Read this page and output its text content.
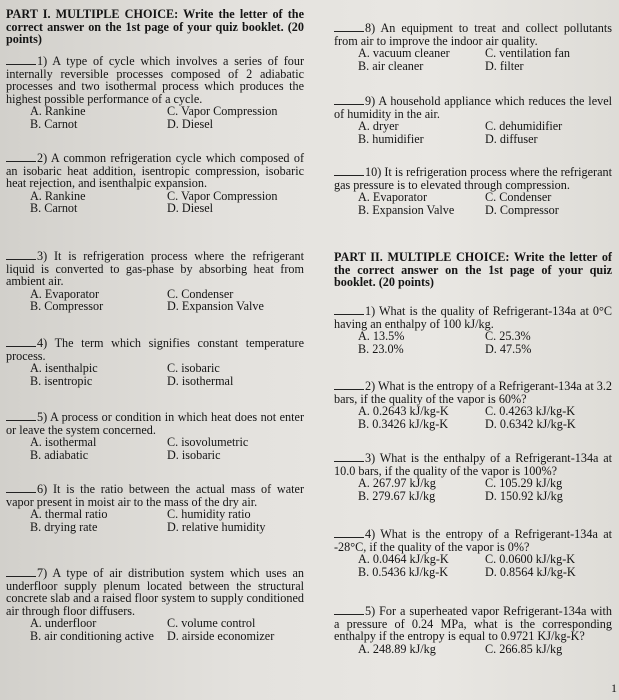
PART I. MULTIPLE CHOICE: Write the letter of the correct answer on the 1st page of your quiz booklet. (20 points)
1) A type of cycle which involves a series of four internally reversible processes composed of 2 adiabatic processes and two isothermal process which produces the highest possible performance of a cycle.
A. Rankine	C. Vapor Compression
B. Carnot	D. Diesel
2) A common refrigeration cycle which composed of an isobaric heat addition, isentropic compression, isobaric heat rejection, and isenthalpic expansion.
A. Rankine	C. Vapor Compression
B. Carnot	D. Diesel
3) It is refrigeration process where the refrigerant liquid is converted to gas-phase by absorbing heat from ambient air.
A. Evaporator	C. Condenser
B. Compressor	D. Expansion Valve
4) The term which signifies constant temperature process.
A. isenthalpic	C. isobaric
B. isentropic	D. isothermal
5) A process or condition in which heat does not enter or leave the system concerned.
A. isothermal	C. isovolumetric
B. adiabatic	D. isobaric
6) It is the ratio between the actual mass of water vapor present in moist air to the mass of the dry air.
A. thermal ratio	C. humidity ratio
B. drying rate	D. relative humidity
7) A type of air distribution system which uses an underfloor supply plenum located between the structural concrete slab and a raised floor system to supply conditioned air through floor diffusers.
A. underfloor	C. volume control
B. air conditioning active	D. airside economizer
8) An equipment to treat and collect pollutants from air to improve the indoor air quality.
A. vacuum cleaner	C. ventilation fan
B. air cleaner	D. filter
9) A household appliance which reduces the level of humidity in the air.
A. dryer	C. dehumidifier
B. humidifier	D. diffuser
10) It is refrigeration process where the refrigerant gas pressure is to elevated through compression.
A. Evaporator	C. Condenser
B. Expansion Valve	D. Compressor
PART II. MULTIPLE CHOICE: Write the letter of the correct answer on the 1st page of your quiz booklet. (20 points)
1) What is the quality of Refrigerant-134a at 0°C having an enthalpy of 100 kJ/kg.
A. 13.5%	C. 25.3%
B. 23.0%	D. 47.5%
2) What is the entropy of a Refrigerant-134a at 3.2 bars, if the quality of the vapor is 60%?
A. 0.2643 kJ/kg-K	C. 0.4263 kJ/kg-K
B. 0.3426 kJ/kg-K	D. 0.6342 kJ/kg-K
3) What is the enthalpy of a Refrigerant-134a at 10.0 bars, if the quality of the vapor is 100%?
A. 267.97 kJ/kg	C. 105.29 kJ/kg
B. 279.67 kJ/kg	D. 150.92 kJ/kg
4) What is the entropy of a Refrigerant-134a at -28°C, if the quality of the vapor is 0%?
A. 0.0464 kJ/kg-K	C. 0.0600 kJ/kg-K
B. 0.5436 kJ/kg-K	D. 0.8564 kJ/kg-K
5) For a superheated vapor Refrigerant-134a with a pressure of 0.24 MPa, what is the corresponding enthalpy if the entropy is equal to 0.9721 KJ/kg-K?
A. 248.89 kJ/kg	C. 266.85 kJ/kg
1
